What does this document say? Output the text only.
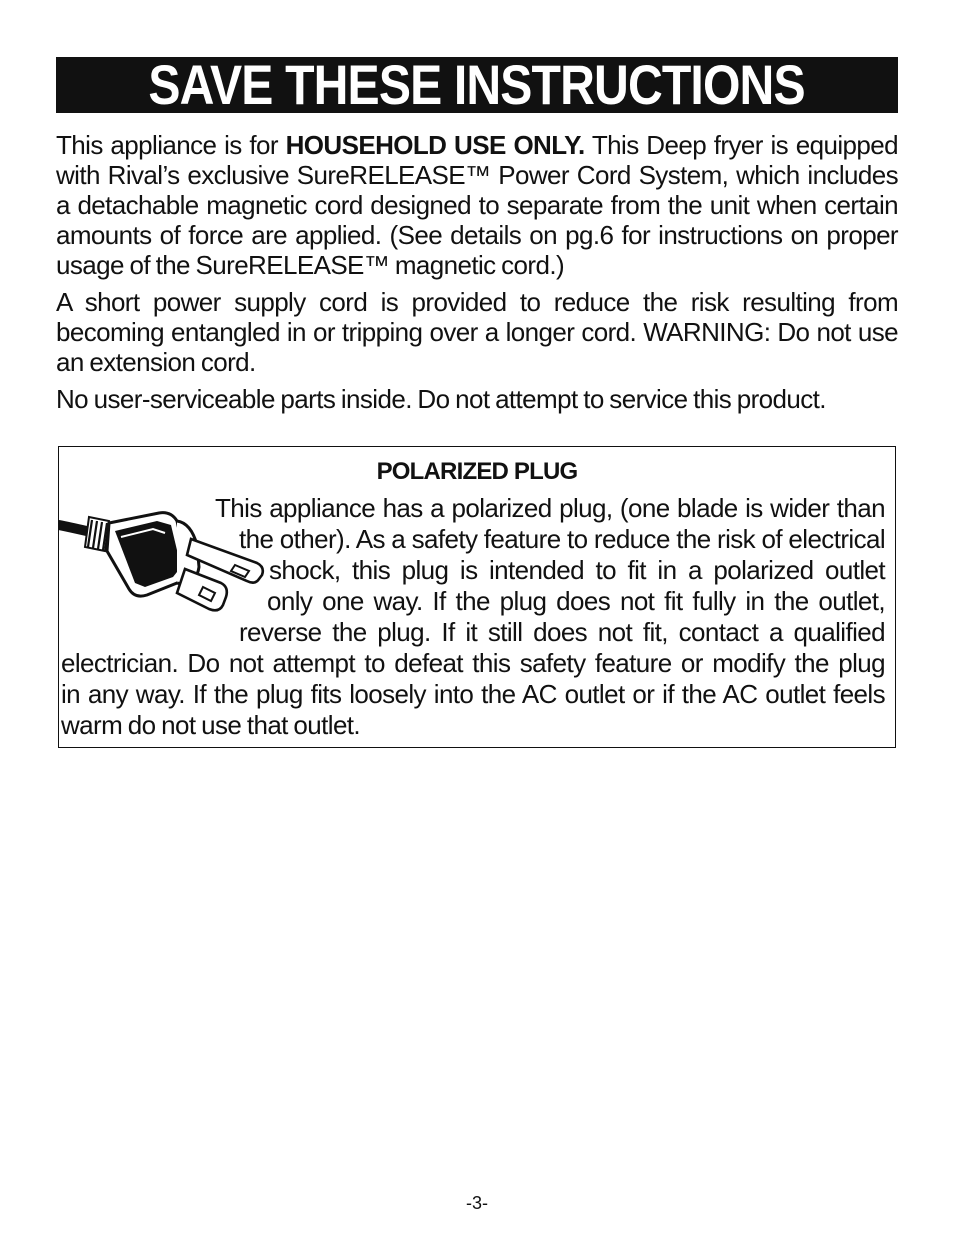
SAVE THESE INSTRUCTIONS

This appliance is for HOUSEHOLD USE ONLY. This Deep fryer is equipped with Rival’s exclusive SureRELEASE™ Power Cord System, which includes a detachable magnetic cord designed to separate from the unit when certain amounts of force are applied. (See details on pg.6 for instructions on proper usage of the SureRELEASE™ magnetic cord.)

A short power supply cord is provided to reduce the risk resulting from becoming entangled in or tripping over a longer cord. WARNING: Do not use an extension cord.

No user-serviceable parts inside. Do not attempt to service this product.

POLARIZED PLUG
This appliance has a polarized plug, (one blade is wider than
the other). As a safety feature to reduce the risk of electrical
shock, this plug is intended to fit in a polarized outlet
only one way. If the plug does not fit fully in the outlet,
reverse the plug. If it still does not fit, contact a qualified
electrician. Do not attempt to defeat this safety feature or modify the plug
in any way. If the plug fits loosely into the AC outlet or if the AC outlet feels
warm do not use that outlet.
-3-
